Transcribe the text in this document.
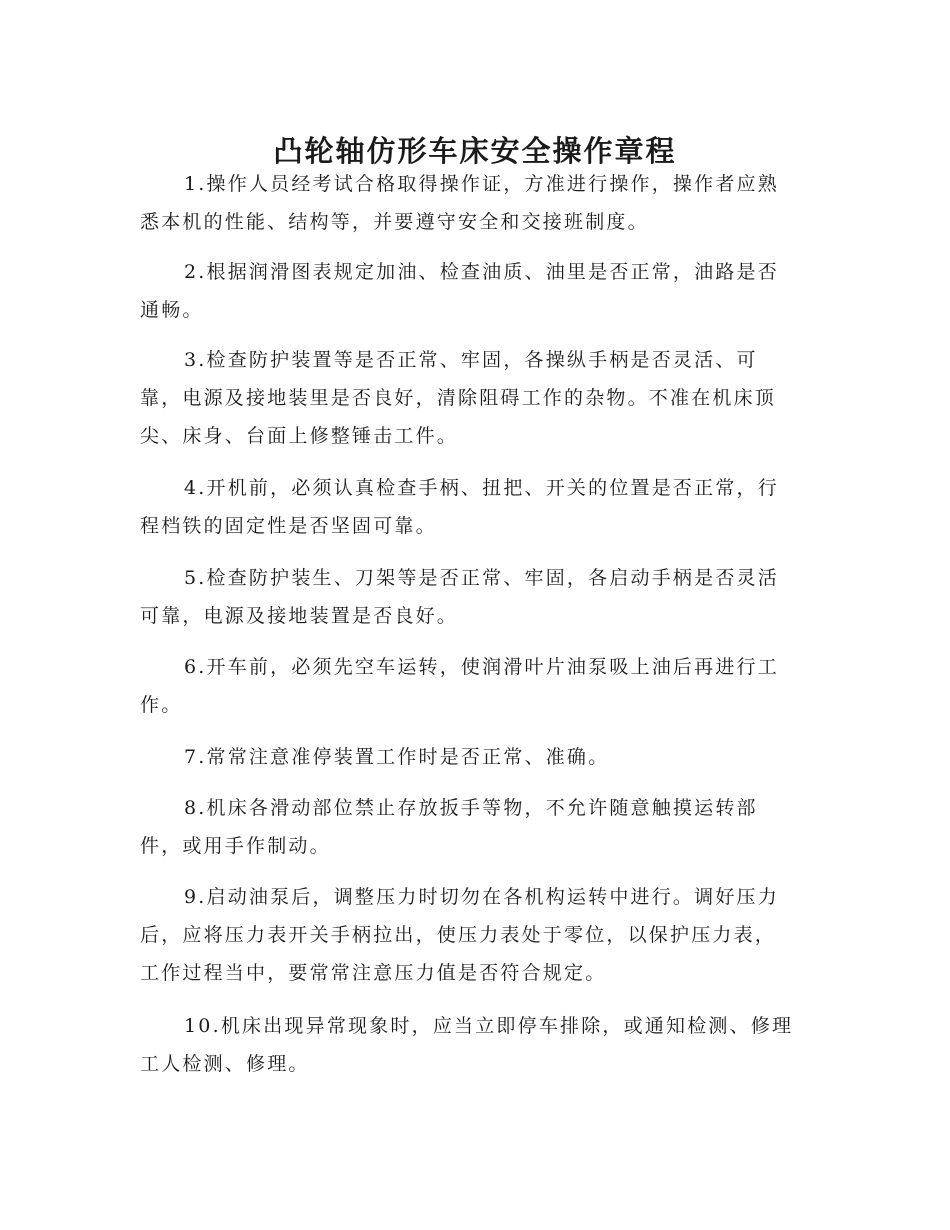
凸轮轴仿形车床安全操作章程

1.操作人员经考试合格取得操作证，方准进行操作，操作者应熟
悉本机的性能、结构等，并要遵守安全和交接班制度。

2.根据润滑图表规定加油、检查油质、油里是否正常，油路是否
通畅。

3.检查防护装置等是否正常、牢固，各操纵手柄是否灵活、可
靠，电源及接地装里是否良好，清除阻碍工作的杂物。不准在机床顶
尖、床身、台面上修整锤击工件。

4.开机前，必须认真检查手柄、扭把、开关的位置是否正常，行
程档铁的固定性是否坚固可靠。

5.检查防护装生、刀架等是否正常、牢固，各启动手柄是否灵活
可靠，电源及接地装置是否良好。

6.开车前，必须先空车运转，使润滑叶片油泵吸上油后再进行工
作。

7.常常注意准停装置工作时是否正常、准确。

8.机床各滑动部位禁止存放扳手等物，不允许随意触摸运转部
件，或用手作制动。

9.启动油泵后，调整压力时切勿在各机构运转中进行。调好压力
后，应将压力表开关手柄拉出，使压力表处于零位，以保护压力表，
工作过程当中，要常常注意压力值是否符合规定。

10.机床出现异常现象时，应当立即停车排除，或通知检测、修理
工人检测、修理。
